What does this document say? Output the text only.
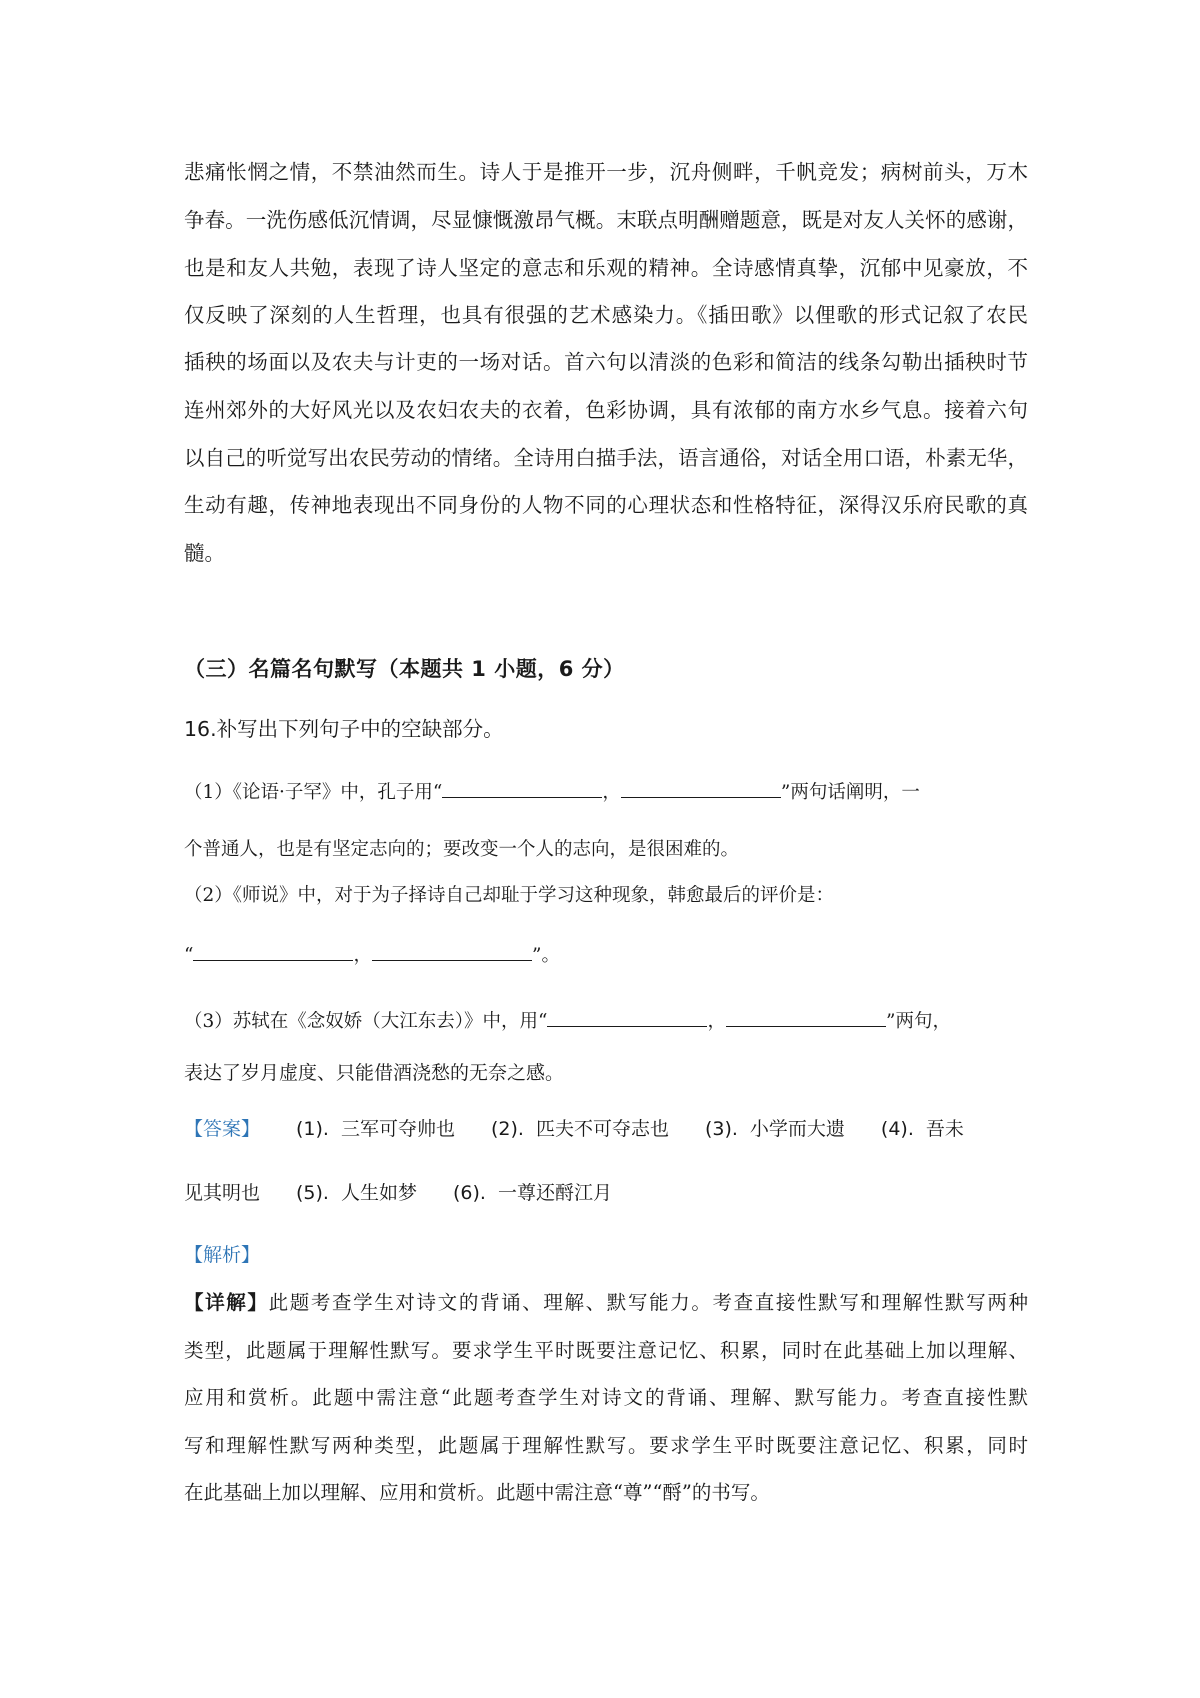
悲痛怅惘之情，不禁油然而生。诗人于是推开一步，沉舟侧畔，千帆竞发；病树前头，万木
争春。一洗伤感低沉情调，尽显慷慨激昂气概。末联点明酬赠题意，既是对友人关怀的感谢，
也是和友人共勉，表现了诗人坚定的意志和乐观的精神。全诗感情真挚，沉郁中见豪放，不
仅反映了深刻的人生哲理，也具有很强的艺术感染力。《插田歌》以俚歌的形式记叙了农民
插秧的场面以及农夫与计吏的一场对话。首六句以清淡的色彩和简洁的线条勾勒出插秧时节
连州郊外的大好风光以及农妇农夫的衣着，色彩协调，具有浓郁的南方水乡气息。接着六句
以自己的听觉写出农民劳动的情绪。全诗用白描手法，语言通俗，对话全用口语，朴素无华，
生动有趣，传神地表现出不同身份的人物不同的心理状态和性格特征，深得汉乐府民歌的真
髓。
（三）名篇名句默写（本题共 1 小题，6 分）
16.补写出下列句子中的空缺部分。
（1）《论语·子罕》中，孔子用“	，	”两句话阐明，一
个普通人，也是有坚定志向的；要改变一个人的志向，是很困难的。
（2）《师说》中，对于为子择诗自己却耻于学习这种现象，韩愈最后的评价是：
“	，	”。
（3）苏轼在《念奴娇（大江东去）》中，用“	，	”两句，
表达了岁月虚度、只能借酒浇愁的无奈之感。
【答案】 (1). 三军可夺帅也 (2). 匹夫不可夺志也 (3). 小学而大遗 (4). 吾未
见其明也 (5). 人生如梦 (6). 一尊还酹江月
【解析】
【详解】此题考查学生对诗文的背诵、理解、默写能力。考查直接性默写和理解性默写两种
类型，此题属于理解性默写。要求学生平时既要注意记忆、积累，同时在此基础上加以理解、
应用和赏析。此题中需注意“此题考查学生对诗文的背诵、理解、默写能力。考查直接性默
写和理解性默写两种类型，此题属于理解性默写。要求学生平时既要注意记忆、积累，同时
在此基础上加以理解、应用和赏析。此题中需注意“尊”“酹”的书写。
